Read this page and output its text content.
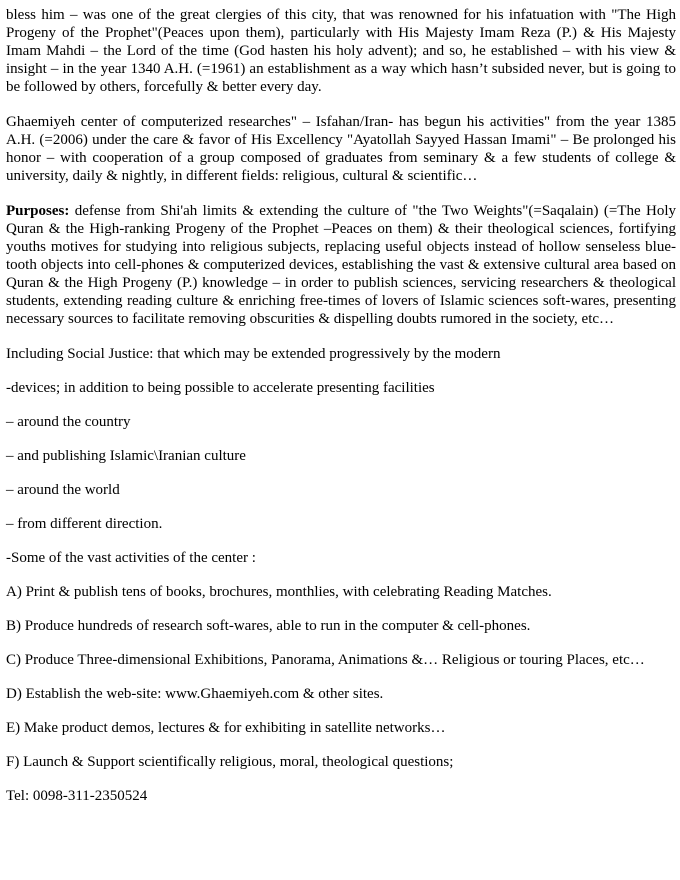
bless him – was one of the great clergies of this city, that was renowned for his infatuation with "The High Progeny of the Prophet"(Peaces upon them), particularly with His Majesty Imam Reza (P.) & His Majesty Imam Mahdi – the Lord of the time (God hasten his holy advent); and so, he established – with his view & insight – in the year 1340 A.H. (=1961) an establishment as a way which hasn’t subsided never, but is going to be followed by others, forcefully & better every day.

Ghaemiyeh center of computerized researches" – Isfahan/Iran- has begun his activities" from the year 1385 A.H. (=2006) under the care & favor of His Excellency "Ayatollah Sayyed Hassan Imami" – Be prolonged his honor – with cooperation of a group composed of graduates from seminary & a few students of college & university, daily & nightly, in different fields: religious, cultural & scientific…

Purposes: defense from Shi'ah limits & extending the culture of "the Two Weights"(=Saqalain) (=The Holy Quran & the High-ranking Progeny of the Prophet –Peaces on them) & their theological sciences, fortifying youths motives for studying into religious subjects, replacing useful objects instead of hollow senseless blue-tooth objects into cell-phones & computerized devices, establishing the vast & extensive cultural area based on Quran & the High Progeny (P.) knowledge – in order to publish sciences, servicing researchers & theological students, extending reading culture & enriching free-times of lovers of Islamic sciences soft-wares, presenting necessary sources to facilitate removing obscurities & dispelling doubts rumored in the society, etc…

Including Social Justice: that which may be extended progressively by the modern

-devices; in addition to being possible to accelerate presenting facilities

– around the country

– and publishing Islamic\Iranian culture

– around the world

– from different direction.

-Some of the vast activities of the center :

A) Print & publish tens of books, brochures, monthlies, with celebrating Reading Matches.

B) Produce hundreds of research soft-wares, able to run in the computer & cell-phones.

C) Produce Three-dimensional Exhibitions, Panorama, Animations &… Religious or touring Places, etc…

D) Establish the web-site: www.Ghaemiyeh.com & other sites.

E) Make product demos, lectures & for exhibiting in satellite networks…

F) Launch & Support scientifically religious, moral, theological questions;

Tel: 0098-311-2350524
